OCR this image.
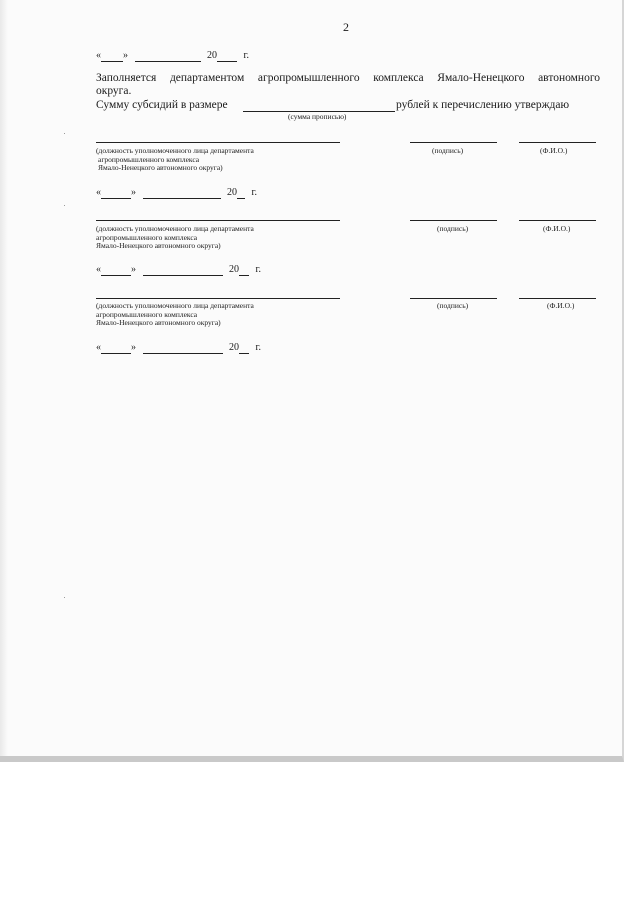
2
« »	20	г.
Заполняется департаментом агропромышленного комплекса Ямало-Ненецкого автономного
округа.
Сумму субсидий в размере	рублей к перечислению утверждаю
(сумма прописью)
(должность уполномоченного лица департамента
агропромышленного комплекса
Ямало-Ненецкого автономного округа)
(подпись)	(Ф.И.О.)
«	»	20 г.
(должность уполномоченного лица департамента
агропромышленного комплекса
Ямало-Ненецкого автономного округа)
(подпись)	(Ф.И.О.)
«	»	20 г.
(должность уполномоченного лица департамента
агропромышленного комплекса
Ямало-Ненецкого автономного округа)
(подпись)	(Ф.И.О.)
«	»	20 г.
